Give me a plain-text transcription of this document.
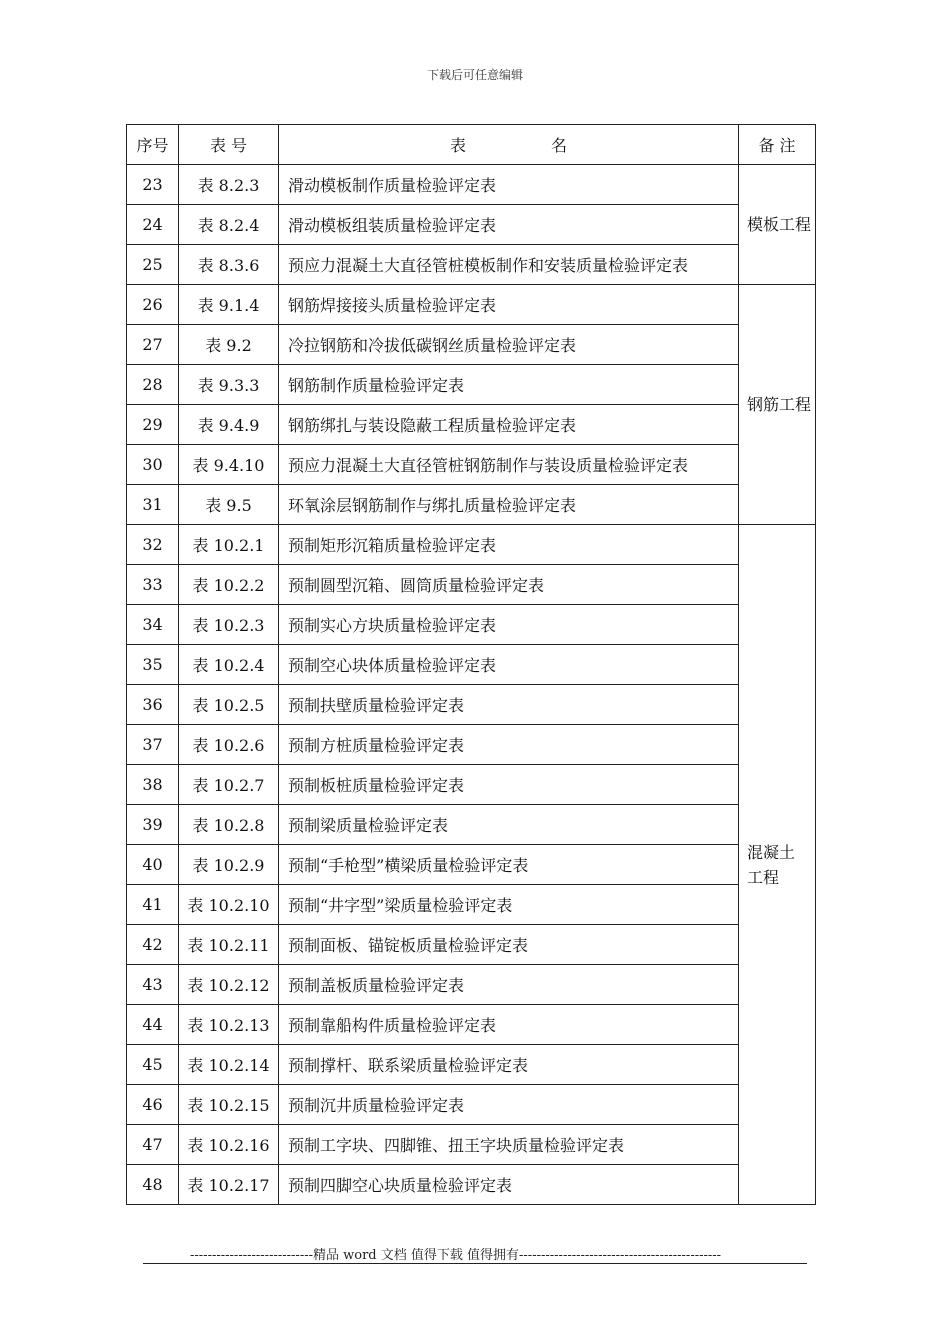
下载后可任意编辑
序号	表 号	表 名	备 注
23	表 8.2.3	滑动模板制作质量检验评定表	模板工程
24	表 8.2.4	滑动模板组装质量检验评定表	
25	表 8.3.6	预应力混凝土大直径管桩模板制作和安装质量检验评定表	
26	表 9.1.4	钢筋焊接接头质量检验评定表	钢筋工程
27	表 9.2	冷拉钢筋和冷拔低碳钢丝质量检验评定表	
28	表 9.3.3	钢筋制作质量检验评定表	
29	表 9.4.9	钢筋绑扎与装设隐蔽工程质量检验评定表	
30	表 9.4.10	预应力混凝土大直径管桩钢筋制作与装设质量检验评定表	
31	表 9.5	环氧涂层钢筋制作与绑扎质量检验评定表	
32	表 10.2.1	预制矩形沉箱质量检验评定表	混凝土工程
33	表 10.2.2	预制圆型沉箱、圆筒质量检验评定表	
34	表 10.2.3	预制实心方块质量检验评定表	
35	表 10.2.4	预制空心块体质量检验评定表	
36	表 10.2.5	预制扶壁质量检验评定表	
37	表 10.2.6	预制方桩质量检验评定表	
38	表 10.2.7	预制板桩质量检验评定表	
39	表 10.2.8	预制梁质量检验评定表	
40	表 10.2.9	预制“手枪型”横梁质量检验评定表	
41	表 10.2.10	预制“井字型”梁质量检验评定表	
42	表 10.2.11	预制面板、锚锭板质量检验评定表	
43	表 10.2.12	预制盖板质量检验评定表	
44	表 10.2.13	预制靠船构件质量检验评定表	
45	表 10.2.14	预制撑杆、联系梁质量检验评定表	
46	表 10.2.15	预制沉井质量检验评定表	
47	表 10.2.16	预制工字块、四脚锥、扭王字块质量检验评定表	
48	表 10.2.17	预制四脚空心块质量检验评定表	
----------------------------精品 word 文档 值得下载 值得拥有----------------------------------------------
